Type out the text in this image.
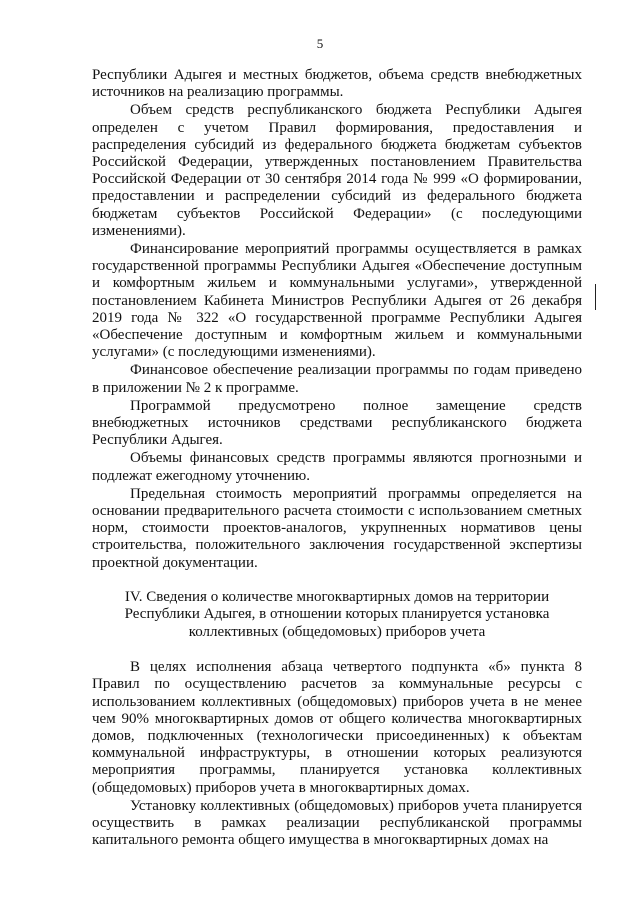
5

Республики Адыгея и местных бюджетов, объема средств внебюджетных источников на реализацию программы.

Объем средств республиканского бюджета Республики Адыгея определен с учетом Правил формирования, предоставления и распределения субсидий из федерального бюджета бюджетам субъектов Российской Федерации, утвержденных постановлением Правительства Российской Федерации от 30 сентября 2014 года № 999 «О формировании, предоставлении и распределении субсидий из федерального бюджета бюджетам субъектов Российской Федерации» (с последующими изменениями).

Финансирование мероприятий программы осуществляется в рамках государственной программы Республики Адыгея «Обеспечение доступным и комфортным жильем и коммунальными услугами», утвержденной постановлением Кабинета Министров Республики Адыгея от 26 декабря 2019 года № 322 «О государственной программе Республики Адыгея «Обеспечение доступным и комфортным жильем и коммунальными услугами» (с последующими изменениями).

Финансовое обеспечение реализации программы по годам приведено в приложении № 2 к программе.

Программой предусмотрено полное замещение средств внебюджетных источников средствами республиканского бюджета Республики Адыгея.

Объемы финансовых средств программы являются прогнозными и подлежат ежегодному уточнению.

Предельная стоимость мероприятий программы определяется на основании предварительного расчета стоимости с использованием сметных норм, стоимости проектов-аналогов, укрупненных нормативов цены строительства, положительного заключения государственной экспертизы проектной документации.

IV. Сведения о количестве многоквартирных домов на территории
Республики Адыгея, в отношении которых планируется установка
коллективных (общедомовых) приборов учета

В целях исполнения абзаца четвертого подпункта «б» пункта 8 Правил по осуществлению расчетов за коммунальные ресурсы с использованием коллективных (общедомовых) приборов учета в не менее чем 90% многоквартирных домов от общего количества многоквартирных домов, подключенных (технологически присоединенных) к объектам коммунальной инфраструктуры, в отношении которых реализуются мероприятия программы, планируется установка коллективных (общедомовых) приборов учета в многоквартирных домах.

Установку коллективных (общедомовых) приборов учета планируется осуществить в рамках реализации республиканской программы капитального ремонта общего имущества в многоквартирных домах на
